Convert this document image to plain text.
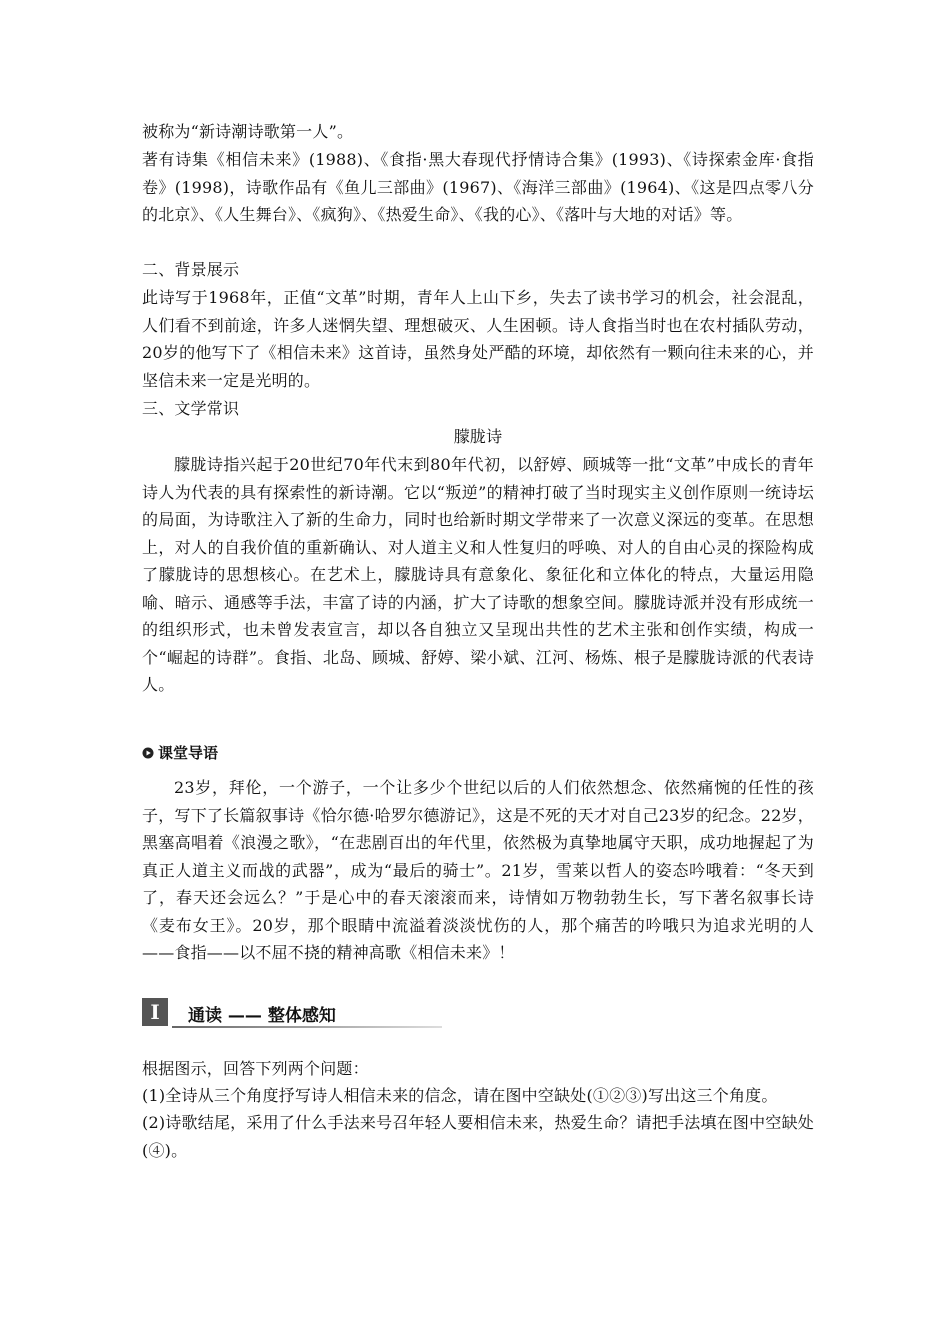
被称为“新诗潮诗歌第一人”。

著有诗集《相信未来》(1988)、《食指·黑大春现代抒情诗合集》(1993)、《诗探索金库·食指卷》(1998)，诗歌作品有《鱼儿三部曲》(1967)、《海洋三部曲》(1964)、《这是四点零八分的北京》、《人生舞台》、《疯狗》、《热爱生命》、《我的心》、《落叶与大地的对话》等。

二、背景展示

此诗写于1968年，正值“文革”时期，青年人上山下乡，失去了读书学习的机会，社会混乱，人们看不到前途，许多人迷惘失望、理想破灭、人生困顿。诗人食指当时也在农村插队劳动，20岁的他写下了《相信未来》这首诗，虽然身处严酷的环境，却依然有一颗向往未来的心，并坚信未来一定是光明的。

三、文学常识

朦胧诗

朦胧诗指兴起于20世纪70年代末到80年代初，以舒婷、顾城等一批“文革”中成长的青年诗人为代表的具有探索性的新诗潮。它以“叛逆”的精神打破了当时现实主义创作原则一统诗坛的局面，为诗歌注入了新的生命力，同时也给新时期文学带来了一次意义深远的变革。在思想上，对人的自我价值的重新确认、对人道主义和人性复归的呼唤、对人的自由心灵的探险构成了朦胧诗的思想核心。在艺术上，朦胧诗具有意象化、象征化和立体化的特点，大量运用隐喻、暗示、通感等手法，丰富了诗的内涵，扩大了诗歌的想象空间。朦胧诗派并没有形成统一的组织形式，也未曾发表宣言，却以各自独立又呈现出共性的艺术主张和创作实绩，构成一个“崛起的诗群”。食指、北岛、顾城、舒婷、梁小斌、江河、杨炼、根子是朦胧诗派的代表诗人。

课堂导语

23岁，拜伦，一个游子，一个让多少个世纪以后的人们依然想念、依然痛惋的任性的孩子，写下了长篇叙事诗《恰尔德·哈罗尔德游记》，这是不死的天才对自己23岁的纪念。22岁，黑塞高唱着《浪漫之歌》，“在悲剧百出的年代里，依然极为真挚地属守天职，成功地握起了为真正人道主义而战的武器”，成为“最后的骑士”。21岁，雪莱以哲人的姿态吟哦着：“冬天到了，春天还会远么？”于是心中的春天滚滚而来，诗情如万物勃勃生长，写下著名叙事长诗《麦布女王》。20岁，那个眼睛中流溢着淡淡忧伤的人，那个痛苦的吟哦只为追求光明的人——食指——以不屈不挠的精神高歌《相信未来》！

I	通读 —— 整体感知

根据图示，回答下列两个问题：

(1)全诗从三个角度抒写诗人相信未来的信念，请在图中空缺处(①②③)写出这三个角度。

(2)诗歌结尾，采用了什么手法来号召年轻人要相信未来，热爱生命？请把手法填在图中空缺处(④)。
